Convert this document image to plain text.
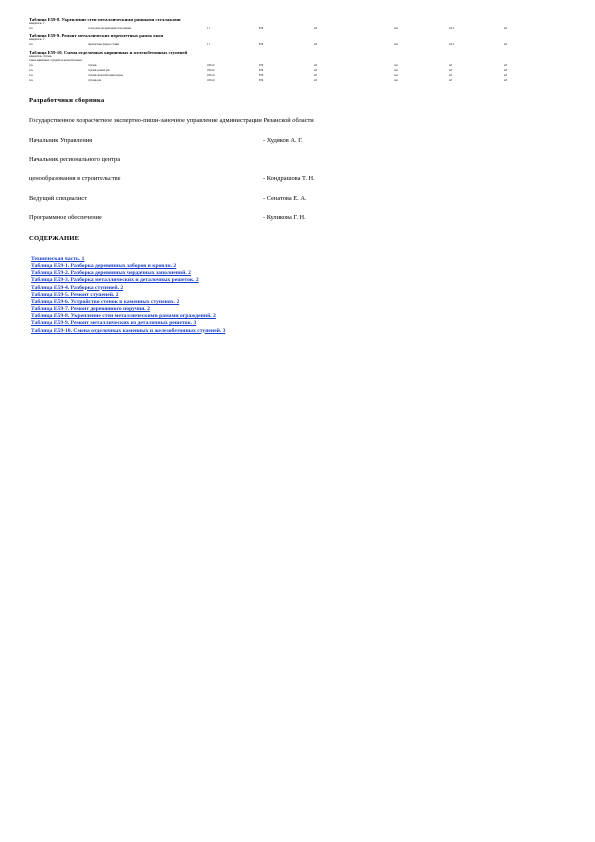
Таблица Е59-8. Укрепление стен металлическими рамными стеллажами
измеритель: т
п.п.	сталь рама для крепления стен рамами	1 т	Е59	м3	тыс	м3 4	м3
Таблица Е59-9. Ремонт металлических переплетных рамок окон
измеритель: т
п.п.	переплетные рамы и стойки	1 т	Е59	м3	тыс	м3 4	м3
Таблица Е59-10. Смена отделочных кирпичных и железобетонных ступеней
измеритель: ступень
Смена кирпичных ступеней на железобетонные
п.п.	ступень	100 шт	Е59	м3	тыс	м3	м3
п.п.	ступень разных ран	100 шт	Е59	м3	тыс	м3	м3
п.п.	ступень железобетонных марок	100 шт	Е59	м3	тыс	м3	м3
п.п.	ступень ран	100 шт	Е59	м3	тыс	м3	м3
Разработчики сборника
Государственное хозрасчетное экспертно-пиши-заночное управление администрации Рязанской области
Начальник Управления	- Худяков А. Г.
Начальник регионального центра
ценообразования в строительстве	- Кондрашова Т. Н.
Ведущий специалист	- Сенатова Е. А.
Программное обеспечение	- Куликова Г. Н.
СОДЕРЖАНИЕ
Техническая часть. 1
Таблица Е59-1. Разборка деревянных заборов и кровли. 2
Таблица Е59-2. Разборка деревянных чердачных заполнений. 2
Таблица Е59-3. Разборка металлических и деталочных решеток. 2
Таблица Е59-4. Разборка ступеней. 2
Таблица Е59-5. Ремонт ступеней. 2
Таблица Е59-6. Устройство стенок в каменных ступенях. 2
Таблица Е59-7. Ремонт деревянного поручня. 2
Таблица Е59-8. Укрепление стен металлическими рамами ограждений. 2
Таблица Е59-9. Ремонт металлических из деталочных решеток. 3
Таблица Е59-10. Смена отделочных каменных и железобетонных ступеней. 3
